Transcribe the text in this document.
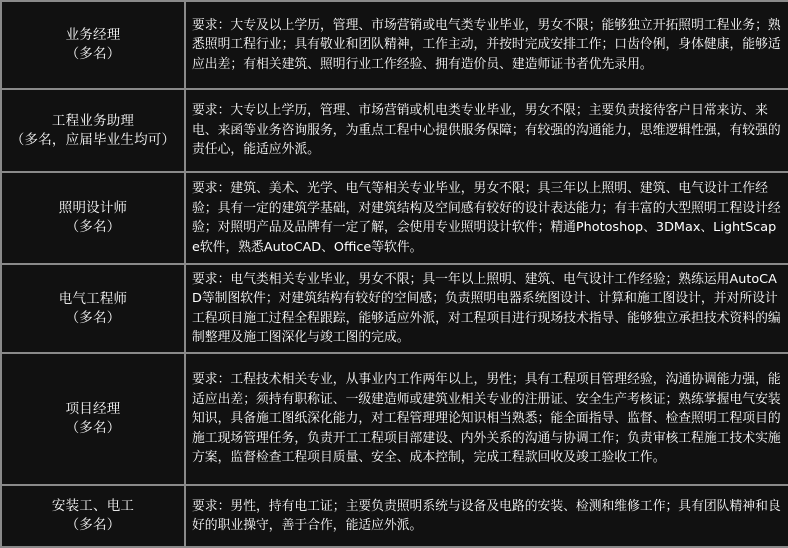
业务经理
（多名）	要求：大专及以上学历，管理、市场营销或电气类专业毕业，男女不限；能够独立开拓照明工程业务；熟悉照明工程行业；具有敬业和团队精神，工作主动，并按时完成安排工作；口齿伶俐，身体健康，能够适应出差；有相关建筑、照明行业工作经验、拥有造价员、建造师证书者优先录用。

工程业务助理
（多名，应届毕业生均可）	要求：大专以上学历，管理、市场营销或机电类专业毕业，男女不限；主要负责接待客户日常来访、来电、来函等业务咨询服务，为重点工程中心提供服务保障；有较强的沟通能力，思维逻辑性强，有较强的责任心，能适应外派。

照明设计师
（多名）	要求：建筑、美术、光学、电气等相关专业毕业，男女不限；具三年以上照明、建筑、电气设计工作经验；具有一定的建筑学基础，对建筑结构及空间感有较好的设计表达能力；有丰富的大型照明工程设计经验；对照明产品及品牌有一定了解，会使用专业照明设计软件；精通Photoshop、3DMax、LightScape软件，熟悉AutoCAD、Office等软件。

电气工程师
（多名）	要求：电气类相关专业毕业，男女不限；具一年以上照明、建筑、电气设计工作经验；熟练运用AutoCAD等制图软件；对建筑结构有较好的空间感；负责照明电器系统图设计、计算和施工图设计，并对所设计工程项目施工过程全程跟踪，能够适应外派，对工程项目进行现场技术指导、能够独立承担技术资料的编制整理及施工图深化与竣工图的完成。

项目经理
（多名）	要求：工程技术相关专业，从事业内工作两年以上，男性；具有工程项目管理经验，沟通协调能力强，能适应出差；须持有职称证、一级建造师或建筑业相关专业的注册证、安全生产考核证；熟练掌握电气安装知识，具备施工图纸深化能力，对工程管理理论知识相当熟悉；能全面指导、监督、检查照明工程项目的施工现场管理任务，负责开工工程项目部建设、内外关系的沟通与协调工作；负责审核工程施工技术实施方案，监督检查工程项目质量、安全、成本控制，完成工程款回收及竣工验收工作。

安装工、电工
（多名）	要求：男性，持有电工证；主要负责照明系统与设备及电路的安装、检测和维修工作；具有团队精神和良好的职业操守，善于合作，能适应外派。
